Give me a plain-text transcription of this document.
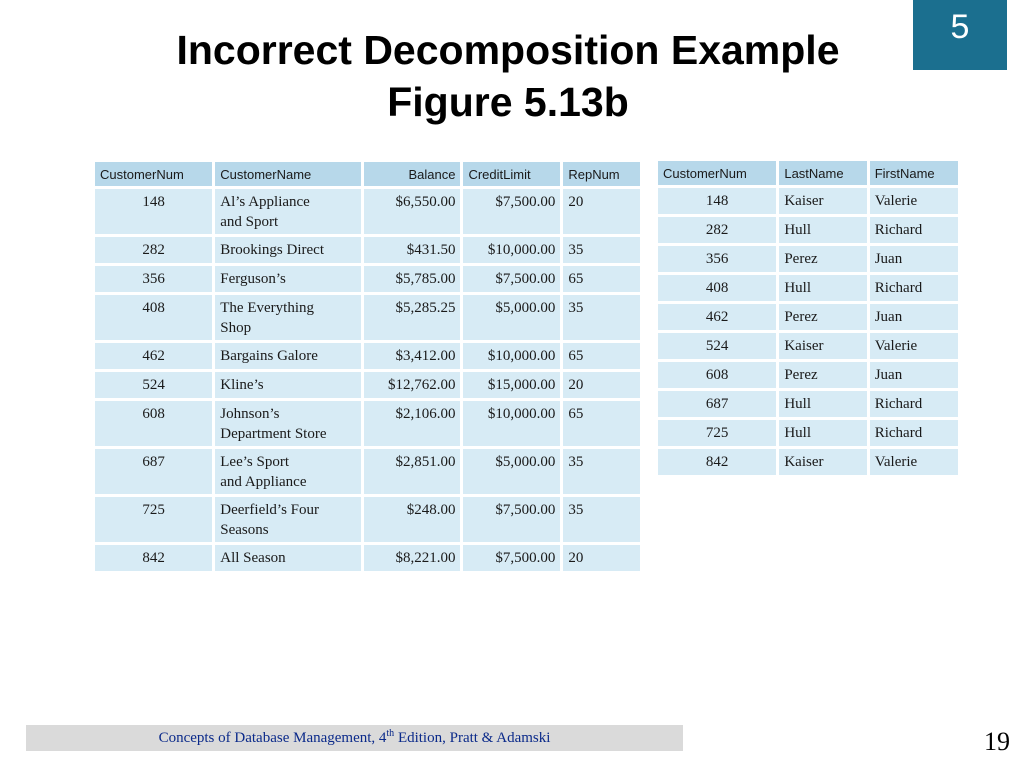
5
Incorrect Decomposition Example
Figure 5.13b
CustomerNum	CustomerName	Balance	CreditLimit	RepNum
148	Al’s Appliance
and Sport	$6,550.00	$7,500.00	20
282	Brookings Direct	$431.50	$10,000.00	35
356	Ferguson’s	$5,785.00	$7,500.00	65
408	The Everything
Shop	$5,285.25	$5,000.00	35
462	Bargains Galore	$3,412.00	$10,000.00	65
524	Kline’s	$12,762.00	$15,000.00	20
608	Johnson’s
Department Store	$2,106.00	$10,000.00	65
687	Lee’s Sport
and Appliance	$2,851.00	$5,000.00	35
725	Deerfield’s Four
Seasons	$248.00	$7,500.00	35
842	All Season	$8,221.00	$7,500.00	20
CustomerNum	LastName	FirstName
148	Kaiser	Valerie
282	Hull	Richard
356	Perez	Juan
408	Hull	Richard
462	Perez	Juan
524	Kaiser	Valerie
608	Perez	Juan
687	Hull	Richard
725	Hull	Richard
842	Kaiser	Valerie
Concepts of Database Management, 4th Edition, Pratt & Adamski	19
